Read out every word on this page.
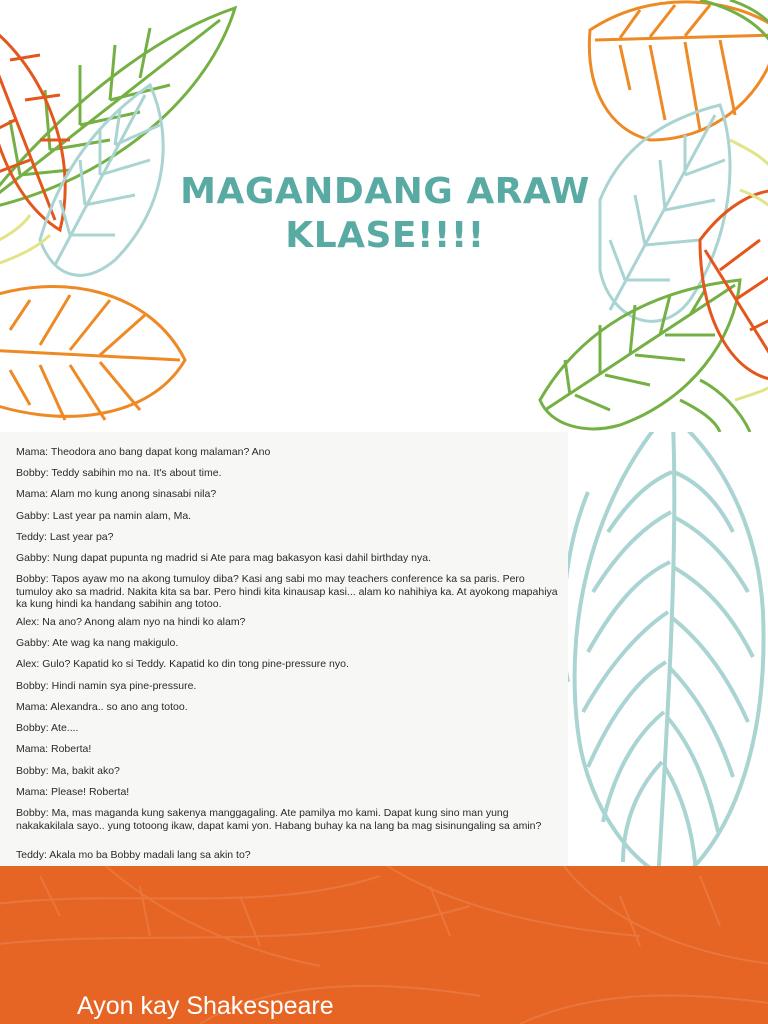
MAGANDANG ARAW
KLASE!!!!
Mama: Theodora ano bang dapat kong malaman? Ano
Bobby: Teddy sabihin mo na. It's about time.
Mama: Alam mo kung anong sinasabi nila?
Gabby: Last year pa namin alam, Ma.
Teddy: Last year pa?
Gabby: Nung dapat pupunta ng madrid si Ate para mag bakasyon kasi dahil birthday nya.
Bobby: Tapos ayaw mo na akong tumuloy diba? Kasi ang sabi mo may teachers conference ka sa paris. Pero tumuloy ako sa madrid. Nakita kita sa bar. Pero hindi kita kinausap kasi... alam ko nahihiya ka. At ayokong mapahiya ka kung hindi ka handang sabihin ang totoo.
Alex: Na ano? Anong alam nyo na hindi ko alam?
Gabby: Ate wag ka nang makigulo.
Alex: Gulo? Kapatid ko si Teddy. Kapatid ko din tong pine-pressure nyo.
Bobby: Hindi namin sya pine-pressure.
Mama: Alexandra.. so ano ang totoo.
Bobby: Ate....
Mama: Roberta!
Bobby: Ma, bakit ako?
Mama: Please! Roberta!
Bobby: Ma, mas maganda kung sakenya manggagaling. Ate pamilya mo kami. Dapat kung sino man yung nakakakilala sayo.. yung totoong ikaw, dapat kami yon. Habang buhay ka na lang ba mag sisinungaling sa amin?
Teddy: Akala mo ba Bobby madali lang sa akin to?
Ayon kay Shakespeare
